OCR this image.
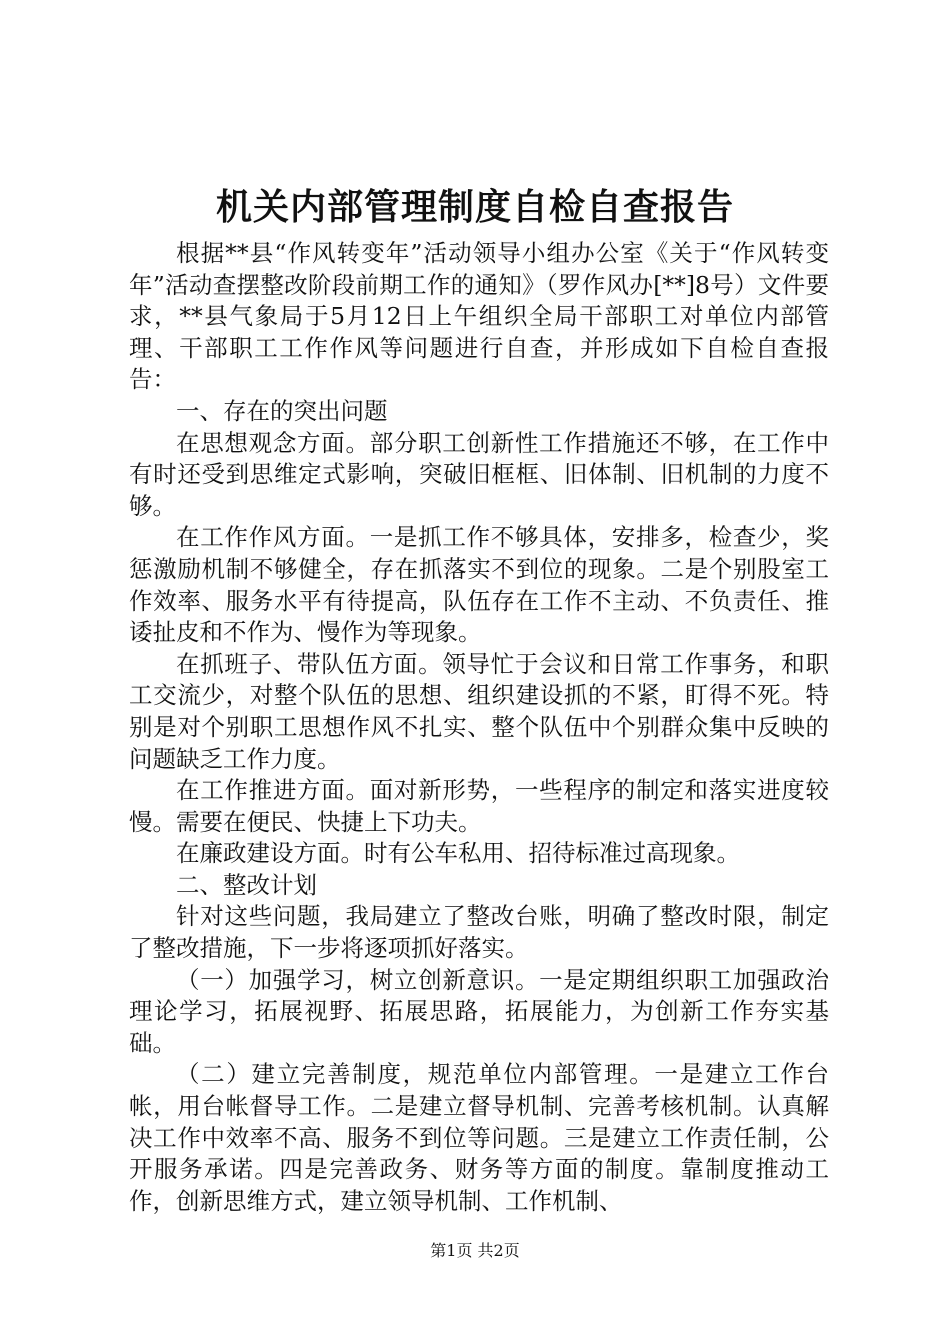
机关内部管理制度自检自查报告

根据**县“作风转变年”活动领导小组办公室《关于“作风转变年”活动查摆整改阶段前期工作的通知》（罗作风办[**]8号）文件要求，**县气象局于5月12日上午组织全局干部职工对单位内部管理、干部职工工作作风等问题进行自查，并形成如下自检自查报告：

一、存在的突出问题

在思想观念方面。部分职工创新性工作措施还不够，在工作中有时还受到思维定式影响，突破旧框框、旧体制、旧机制的力度不够。

在工作作风方面。一是抓工作不够具体，安排多，检查少，奖惩激励机制不够健全，存在抓落实不到位的现象。二是个别股室工作效率、服务水平有待提高，队伍存在工作不主动、不负责任、推诿扯皮和不作为、慢作为等现象。

在抓班子、带队伍方面。领导忙于会议和日常工作事务，和职工交流少，对整个队伍的思想、组织建设抓的不紧，盯得不死。特别是对个别职工思想作风不扎实、整个队伍中个别群众集中反映的问题缺乏工作力度。

在工作推进方面。面对新形势，一些程序的制定和落实进度较慢。需要在便民、快捷上下功夫。

在廉政建设方面。时有公车私用、招待标准过高现象。

二、整改计划

针对这些问题，我局建立了整改台账，明确了整改时限，制定了整改措施，下一步将逐项抓好落实。

（一）加强学习，树立创新意识。一是定期组织职工加强政治理论学习，拓展视野、拓展思路，拓展能力，为创新工作夯实基础。

（二）建立完善制度，规范单位内部管理。一是建立工作台帐，用台帐督导工作。二是建立督导机制、完善考核机制。认真解决工作中效率不高、服务不到位等问题。三是建立工作责任制，公开服务承诺。四是完善政务、财务等方面的制度。靠制度推动工作，创新思维方式，建立领导机制、工作机制、

第1页 共2页
